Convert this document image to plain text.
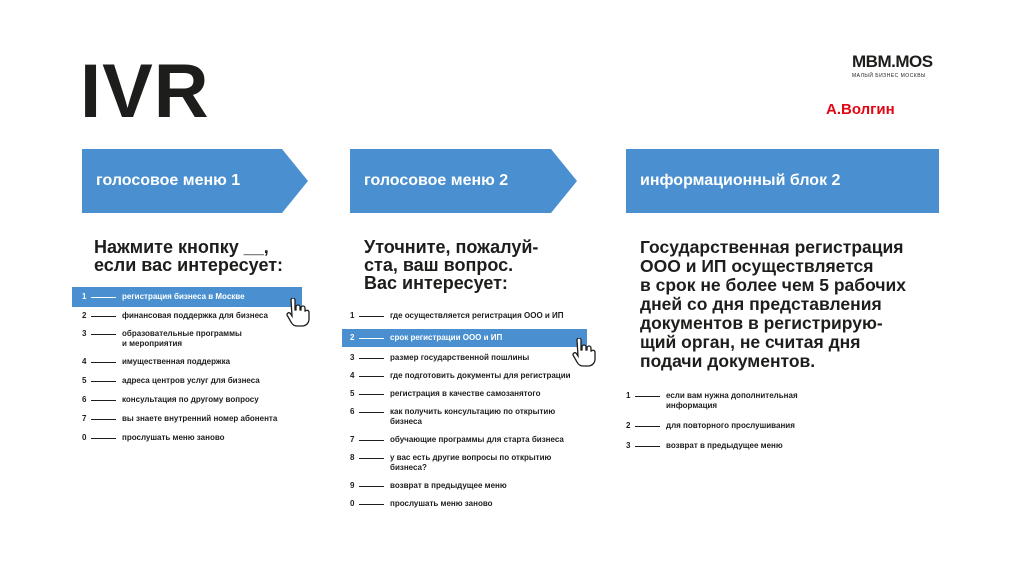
IVR	MBM.MOS
МАЛЫЙ БИЗНЕС МОСКВЫ
А.Волгин
голосовое меню 1

Нажмите кнопку __,
если вас интересует:

1	регистрация бизнеса в Москве
2	финансовая поддержка для бизнеса
3	образовательные программы
и мероприятия
4	имущественная поддержка
5	адреса центров услуг для бизнеса
6	консультация по другому вопросу
7	вы знаете внутренний номер абонента
0	прослушать меню заново
голосовое меню 2

Уточните, пожалуй-
ста, ваш вопрос.
Вас интересует:

1	где осуществляется регистрация ООО и ИП
2	срок регистрации ООО и ИП
3	размер государственной пошлины
4	где подготовить документы для регистрации
5	регистрация в качестве самозанятого
6	как получить консультацию по открытию
бизнеса
7	обучающие программы для старта бизнеса
8	у вас есть другие вопросы по открытию
бизнеса?
9	возврат в предыдущее меню
0	прослушать меню заново
информационный блок 2

Государственная регистрация
ООО и ИП осуществляется
в срок не более чем 5 рабочих
дней со дня представления
документов в регистрирую-
щий орган, не считая дня
подачи документов.

1	если вам нужна дополнительная
информация
2	для повторного прослушивания
3	возврат в предыдущее меню
